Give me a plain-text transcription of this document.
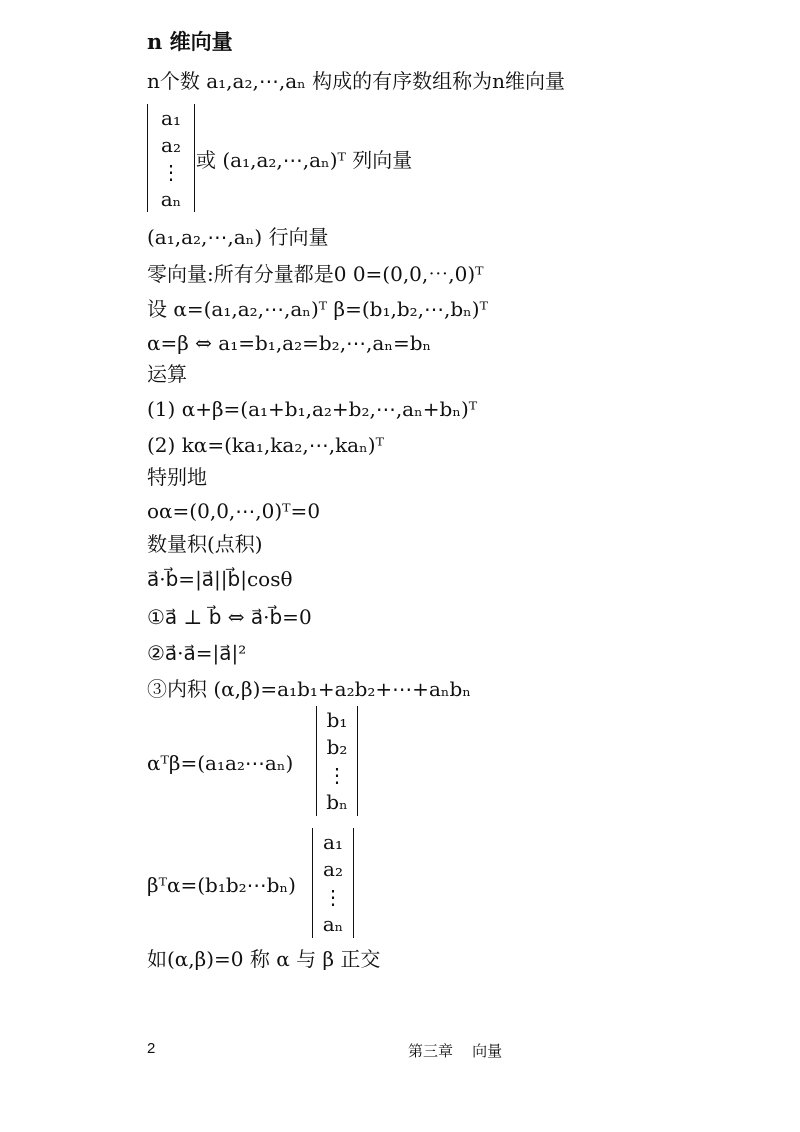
n 维向量
n个数 a₁,a₂,⋯,aₙ 构成的有序数组称为n维向量
a₁
a₂
⋮
aₙ
或 (a₁,a₂,⋯,aₙ)ᵀ 列向量
(a₁,a₂,⋯,aₙ) 行向量
零向量:所有分量都是0 0=(0,0,⋯,0)ᵀ
设 α=(a₁,a₂,⋯,aₙ)ᵀ β=(b₁,b₂,⋯,bₙ)ᵀ
α=β ⇔ a₁=b₁,a₂=b₂,⋯,aₙ=bₙ
运算
(1) α+β=(a₁+b₁,a₂+b₂,⋯,aₙ+bₙ)ᵀ
(2) kα=(ka₁,ka₂,⋯,kaₙ)ᵀ
特别地
oα=(0,0,⋯,0)ᵀ=0
数量积(点积)
a⃗·b⃗=|a⃗||b⃗|cosθ
①a⃗ ⊥ b⃗ ⇔ a⃗·b⃗=0
②a⃗·a⃗=|a⃗|²
③内积 (α,β)=a₁b₁+a₂b₂+⋯+aₙbₙ
αᵀβ=(a₁a₂⋯aₙ)
b₁
b₂
⋮
bₙ
βᵀα=(b₁b₂⋯bₙ)
a₁
a₂
⋮
aₙ
如(α,β)=0 称 α 与 β 正交
2	第三章    向量
